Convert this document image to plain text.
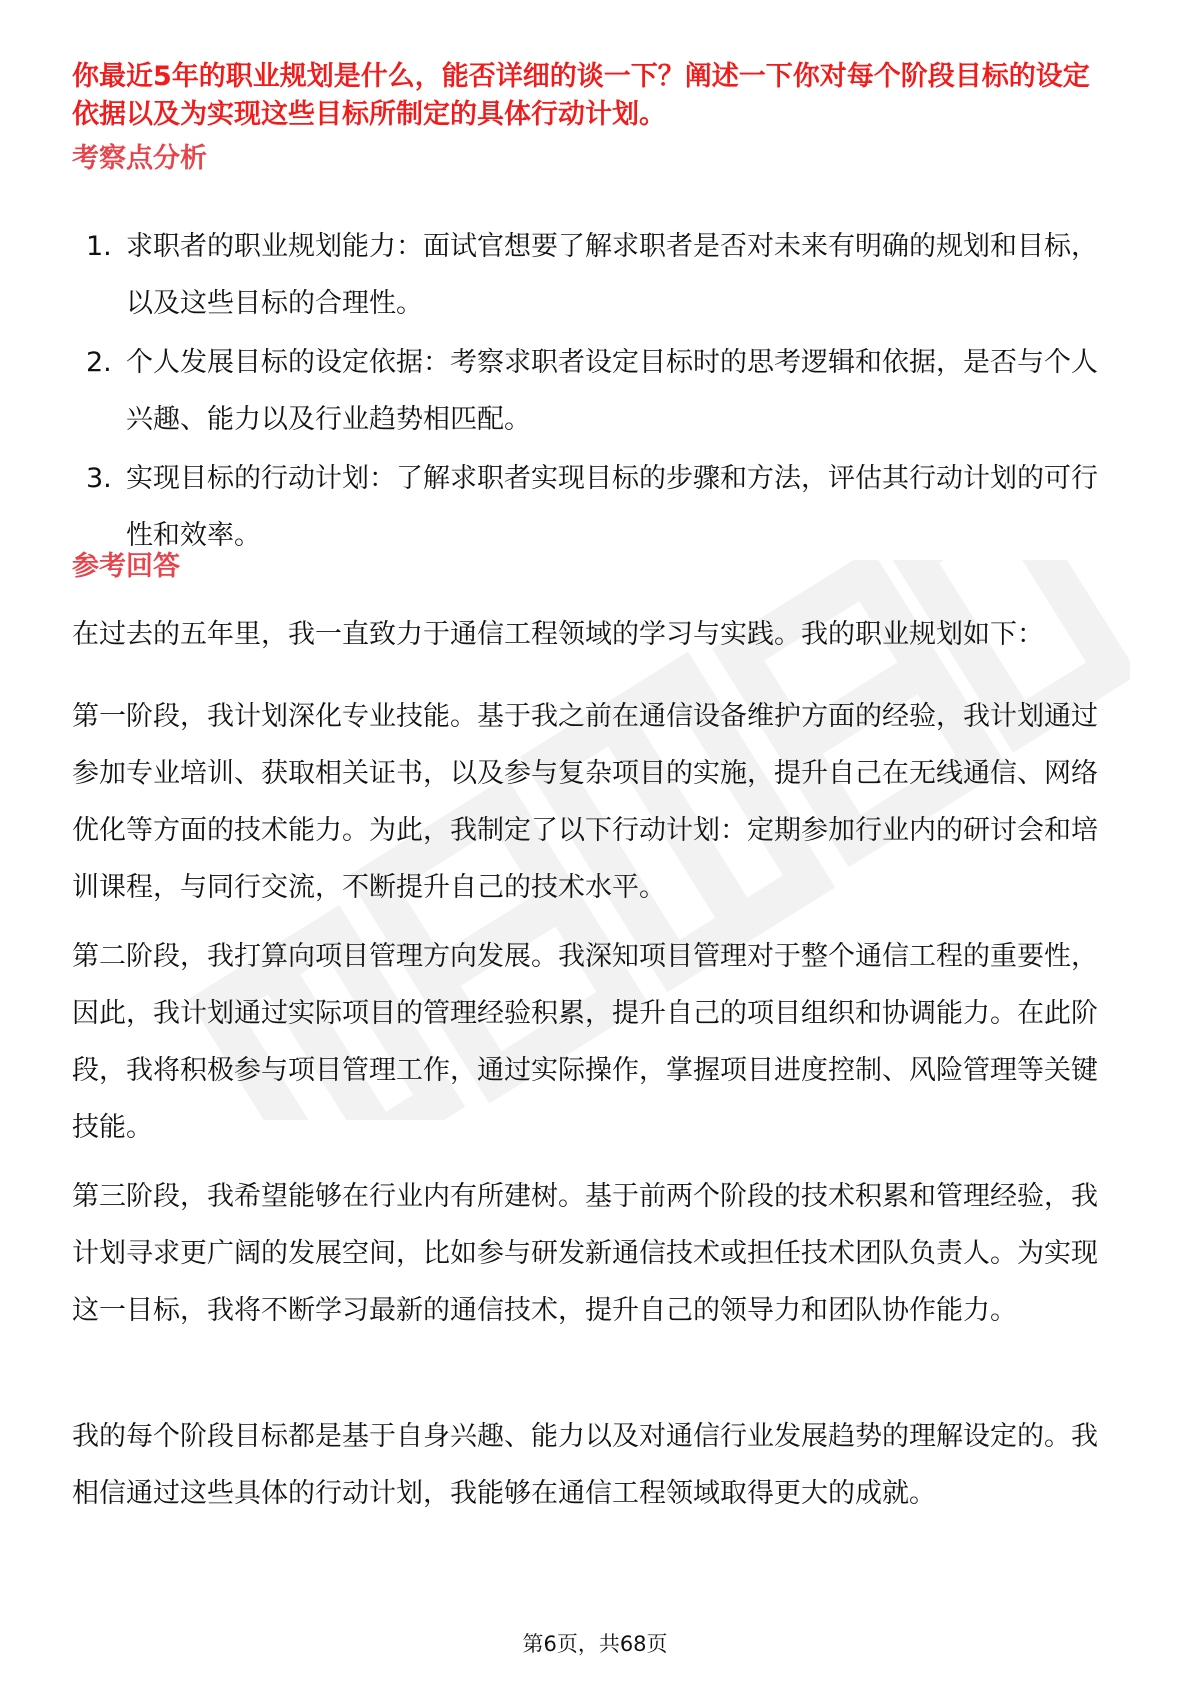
你最近5年的职业规划是什么，能否详细的谈一下？阐述一下你对每个阶段目标的设定依据以及为实现这些目标所制定的具体行动计划。
考察点分析
1. 求职者的职业规划能力：面试官想要了解求职者是否对未来有明确的规划和目标，以及这些目标的合理性。
2. 个人发展目标的设定依据：考察求职者设定目标时的思考逻辑和依据，是否与个人兴趣、能力以及行业趋势相匹配。
3. 实现目标的行动计划：了解求职者实现目标的步骤和方法，评估其行动计划的可行性和效率。
参考回答

在过去的五年里，我一直致力于通信工程领域的学习与实践。我的职业规划如下：

第一阶段，我计划深化专业技能。基于我之前在通信设备维护方面的经验，我计划通过参加专业培训、获取相关证书，以及参与复杂项目的实施，提升自己在无线通信、网络优化等方面的技术能力。为此，我制定了以下行动计划：定期参加行业内的研讨会和培训课程，与同行交流，不断提升自己的技术水平。

第二阶段，我打算向项目管理方向发展。我深知项目管理对于整个通信工程的重要性，因此，我计划通过实际项目的管理经验积累，提升自己的项目组织和协调能力。在此阶段，我将积极参与项目管理工作，通过实际操作，掌握项目进度控制、风险管理等关键技能。

第三阶段，我希望能够在行业内有所建树。基于前两个阶段的技术积累和管理经验，我计划寻求更广阔的发展空间，比如参与研发新通信技术或担任技术团队负责人。为实现这一目标，我将不断学习最新的通信技术，提升自己的领导力和团队协作能力。

我的每个阶段目标都是基于自身兴趣、能力以及对通信行业发展趋势的理解设定的。我相信通过这些具体的行动计划，我能够在通信工程领域取得更大的成就。

第6页，共68页
